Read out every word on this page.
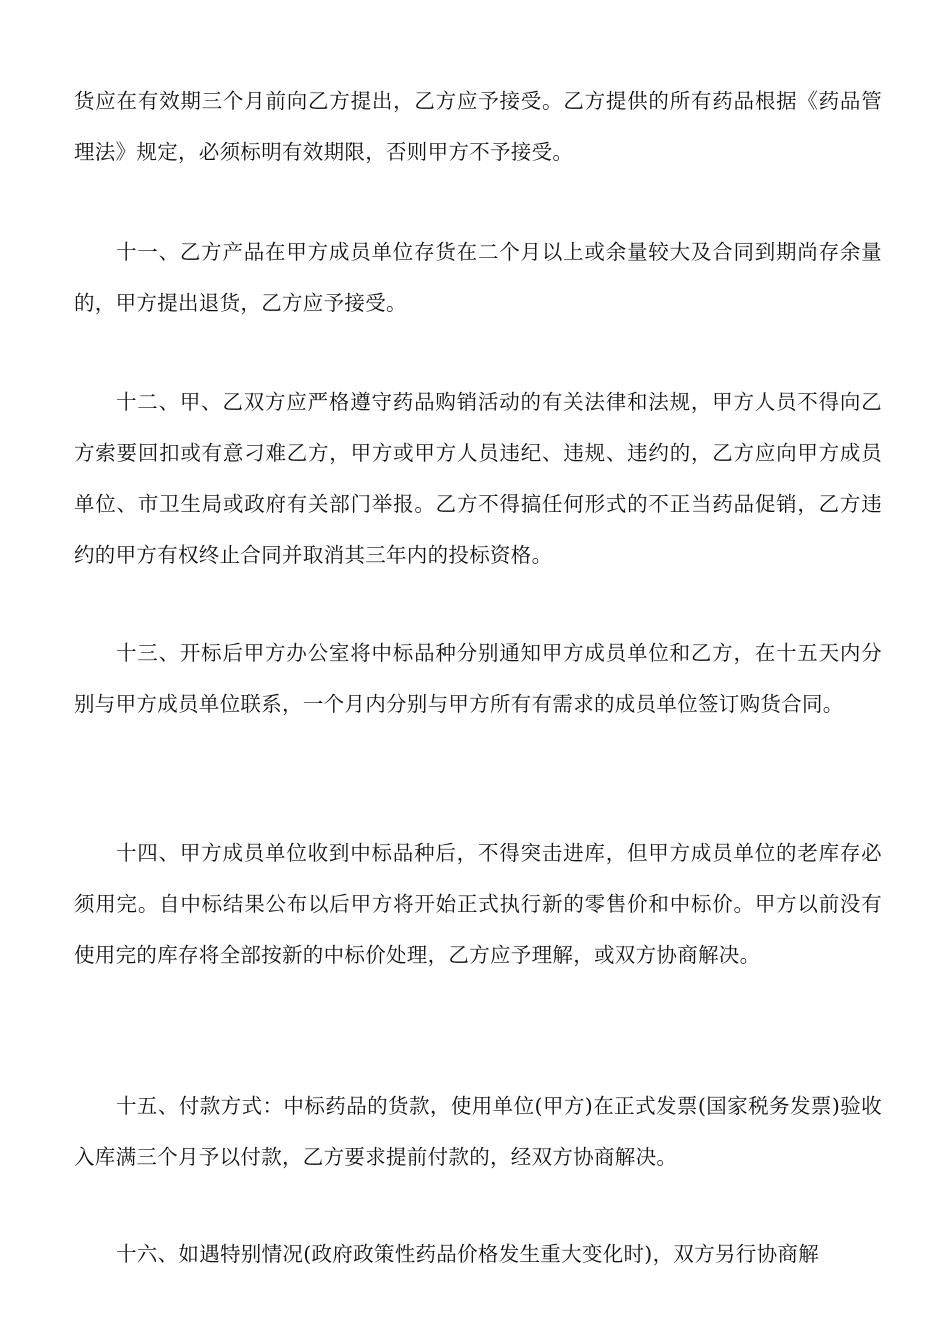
货应在有效期三个月前向乙方提出，乙方应予接受。乙方提供的所有药品根据《药品管理法》规定，必须标明有效期限，否则甲方不予接受。

十一、乙方产品在甲方成员单位存货在二个月以上或余量较大及合同到期尚存余量的，甲方提出退货，乙方应予接受。

十二、甲、乙双方应严格遵守药品购销活动的有关法律和法规，甲方人员不得向乙方索要回扣或有意刁难乙方，甲方或甲方人员违纪、违规、违约的，乙方应向甲方成员单位、市卫生局或政府有关部门举报。乙方不得搞任何形式的不正当药品促销，乙方违约的甲方有权终止合同并取消其三年内的投标资格。

十三、开标后甲方办公室将中标品种分别通知甲方成员单位和乙方，在十五天内分别与甲方成员单位联系，一个月内分别与甲方所有有需求的成员单位签订购货合同。

十四、甲方成员单位收到中标品种后，不得突击进库，但甲方成员单位的老库存必须用完。自中标结果公布以后甲方将开始正式执行新的零售价和中标价。甲方以前没有使用完的库存将全部按新的中标价处理，乙方应予理解，或双方协商解决。

十五、付款方式：中标药品的货款，使用单位(甲方)在正式发票(国家税务发票)验收入库满三个月予以付款，乙方要求提前付款的，经双方协商解决。

十六、如遇特别情况(政府政策性药品价格发生重大变化时)，双方另行协商解
